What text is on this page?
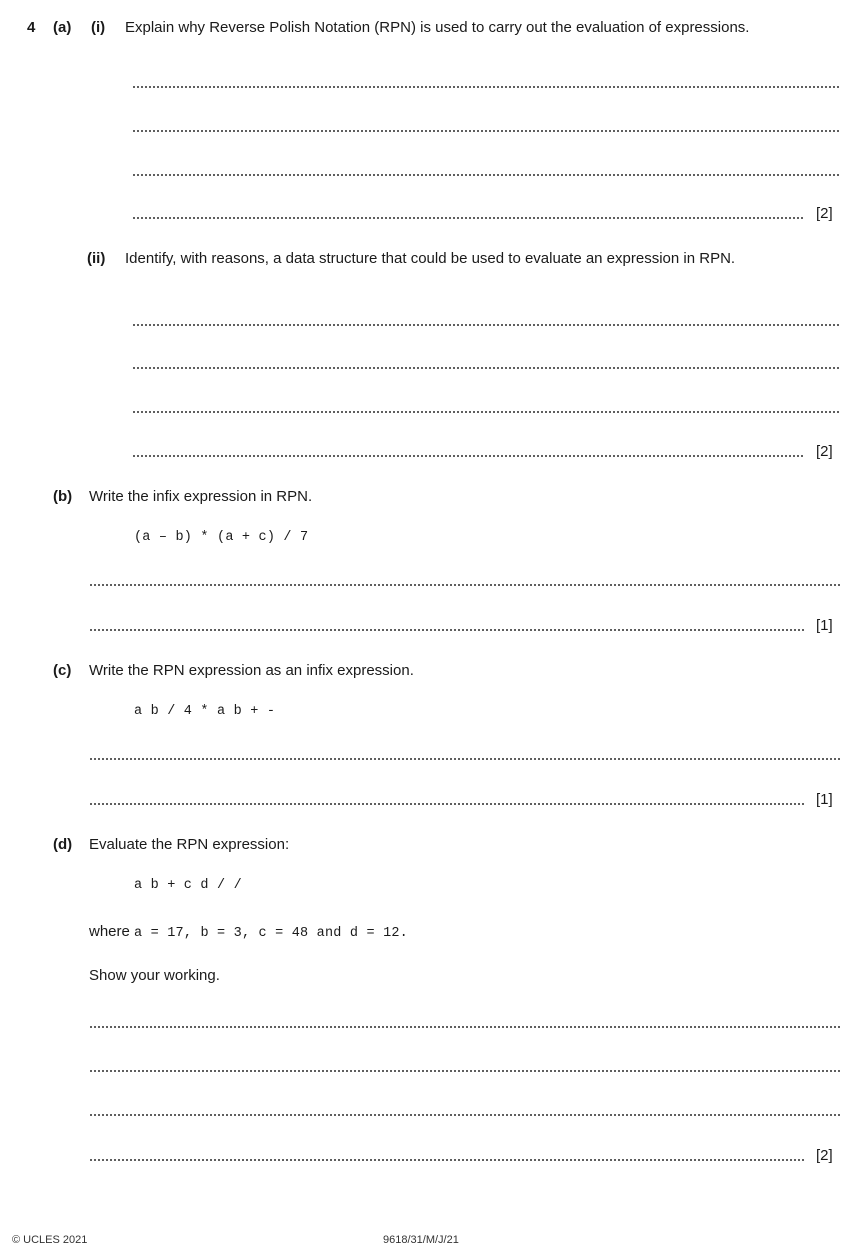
4 (a) (i) Explain why Reverse Polish Notation (RPN) is used to carry out the evaluation of expressions.
[2]
(ii) Identify, with reasons, a data structure that could be used to evaluate an expression in RPN.
[2]
(b) Write the infix expression in RPN.
(a – b) * (a + c) / 7
[1]
(c) Write the RPN expression as an infix expression.
a b / 4 * a b + -
[1]
(d) Evaluate the RPN expression:
a b + c d / /
where a = 17, b = 3, c = 48 and d = 12.
Show your working.
[2]
© UCLES 2021	9618/31/M/J/21
